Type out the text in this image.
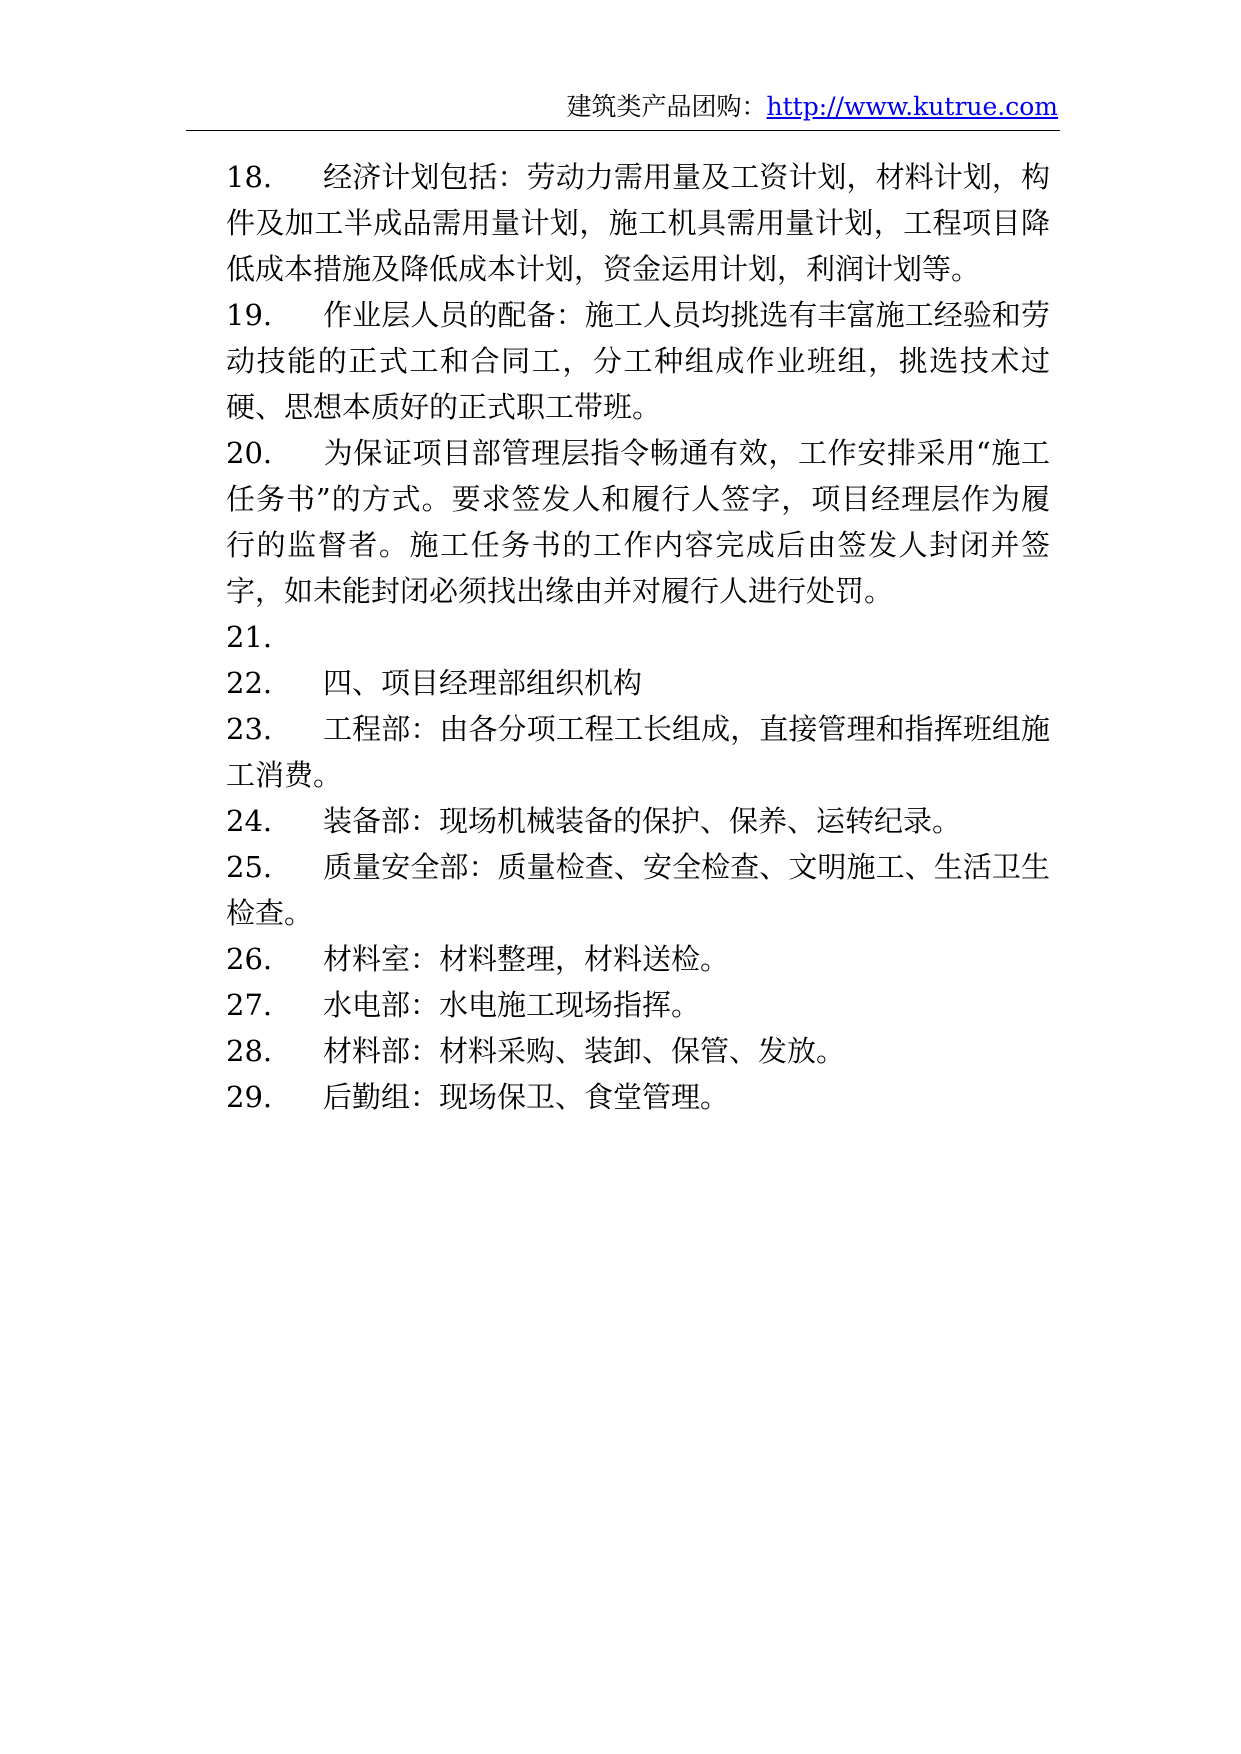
建筑类产品团购：http://www.kutrue.com

18. 经济计划包括：劳动力需用量及工资计划，材料计划，构件及加工半成品需用量计划，施工机具需用量计划，工程项目降低成本措施及降低成本计划，资金运用计划，利润计划等。

19. 作业层人员的配备：施工人员均挑选有丰富施工经验和劳动技能的正式工和合同工，分工种组成作业班组，挑选技术过硬、思想本质好的正式职工带班。

20. 为保证项目部管理层指令畅通有效，工作安排采用“施工任务书”的方式。要求签发人和履行人签字，项目经理层作为履行的监督者。施工任务书的工作内容完成后由签发人封闭并签字，如未能封闭必须找出缘由并对履行人进行处罚。

21.

22. 四、项目经理部组织机构

23. 工程部：由各分项工程工长组成，直接管理和指挥班组施工消费。

24. 装备部：现场机械装备的保护、保养、运转纪录。

25. 质量安全部：质量检查、安全检查、文明施工、生活卫生检查。

26. 材料室：材料整理，材料送检。

27. 水电部：水电施工现场指挥。

28. 材料部：材料采购、装卸、保管、发放。

29. 后勤组：现场保卫、食堂管理。
